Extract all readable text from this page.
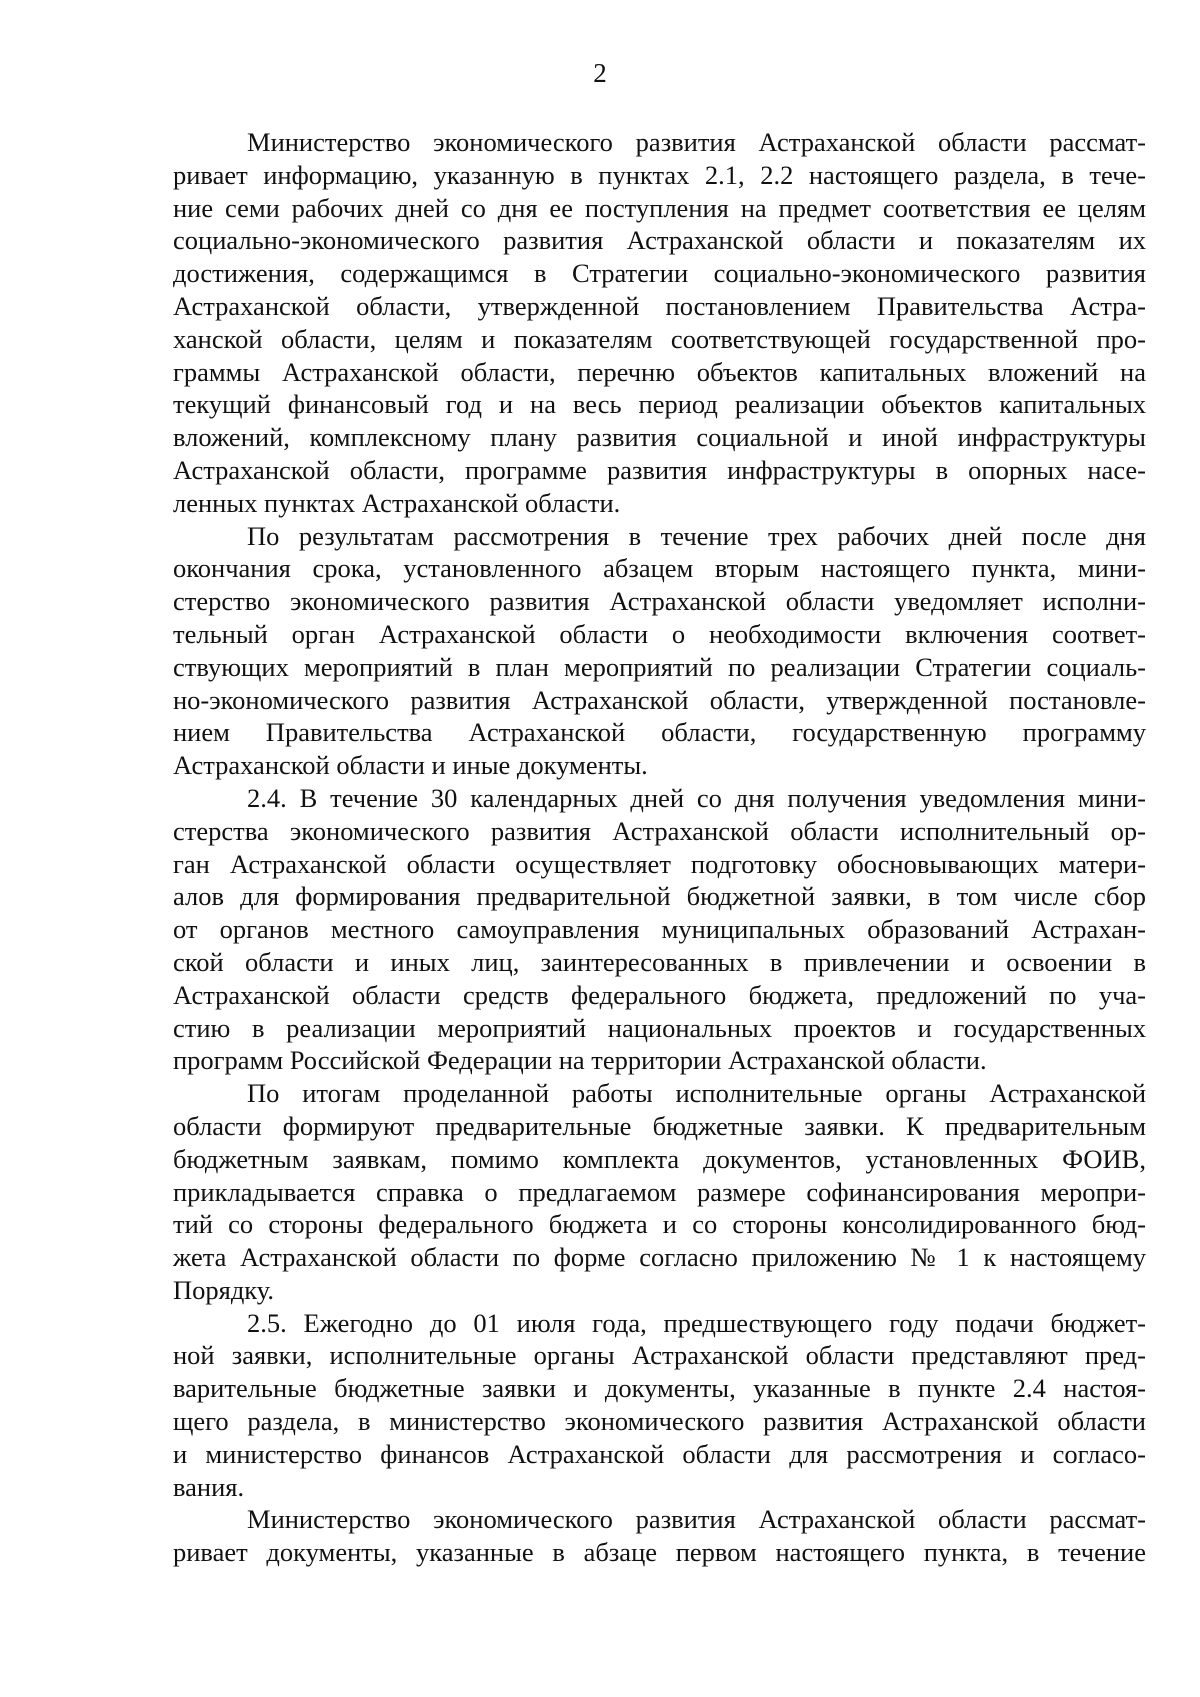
2
Министерство экономического развития Астраханской области рассмат-
ривает информацию, указанную в пунктах 2.1, 2.2 настоящего раздела, в тече-
ние семи рабочих дней со дня ее поступления на предмет соответствия ее целям
социально-экономического развития Астраханской области и показателям их
достижения, содержащимся в Стратегии социально-экономического развития
Астраханской области, утвержденной постановлением Правительства Астра-
ханской области, целям и показателям соответствующей государственной про-
граммы Астраханской области, перечню объектов капитальных вложений на
текущий финансовый год и на весь период реализации объектов капитальных
вложений, комплексному плану развития социальной и иной инфраструктуры
Астраханской области, программе развития инфраструктуры в опорных насе-
ленных пунктах Астраханской области.
По результатам рассмотрения в течение трех рабочих дней после дня
окончания срока, установленного абзацем вторым настоящего пункта, мини-
стерство экономического развития Астраханской области уведомляет исполни-
тельный орган Астраханской области о необходимости включения соответ-
ствующих мероприятий в план мероприятий по реализации Стратегии социаль-
но-экономического развития Астраханской области, утвержденной постановле-
нием Правительства Астраханской области, государственную программу
Астраханской области и иные документы.
2.4. В течение 30 календарных дней со дня получения уведомления мини-
стерства экономического развития Астраханской области исполнительный ор-
ган Астраханской области осуществляет подготовку обосновывающих матери-
алов для формирования предварительной бюджетной заявки, в том числе сбор
от органов местного самоуправления муниципальных образований Астрахан-
ской области и иных лиц, заинтересованных в привлечении и освоении в
Астраханской области средств федерального бюджета, предложений по уча-
стию в реализации мероприятий национальных проектов и государственных
программ Российской Федерации на территории Астраханской области.
По итогам проделанной работы исполнительные органы Астраханской
области формируют предварительные бюджетные заявки. К предварительным
бюджетным заявкам, помимо комплекта документов, установленных ФОИВ,
прикладывается справка о предлагаемом размере софинансирования меропри-
тий со стороны федерального бюджета и со стороны консолидированного бюд-
жета Астраханской области по форме согласно приложению № 1 к настоящему
Порядку.
2.5. Ежегодно до 01 июля года, предшествующего году подачи бюджет-
ной заявки, исполнительные органы Астраханской области представляют пред-
варительные бюджетные заявки и документы, указанные в пункте 2.4 настоя-
щего раздела, в министерство экономического развития Астраханской области
и министерство финансов Астраханской области для рассмотрения и согласо-
вания.
Министерство экономического развития Астраханской области рассмат-
ривает документы, указанные в абзаце первом настоящего пункта, в течение
